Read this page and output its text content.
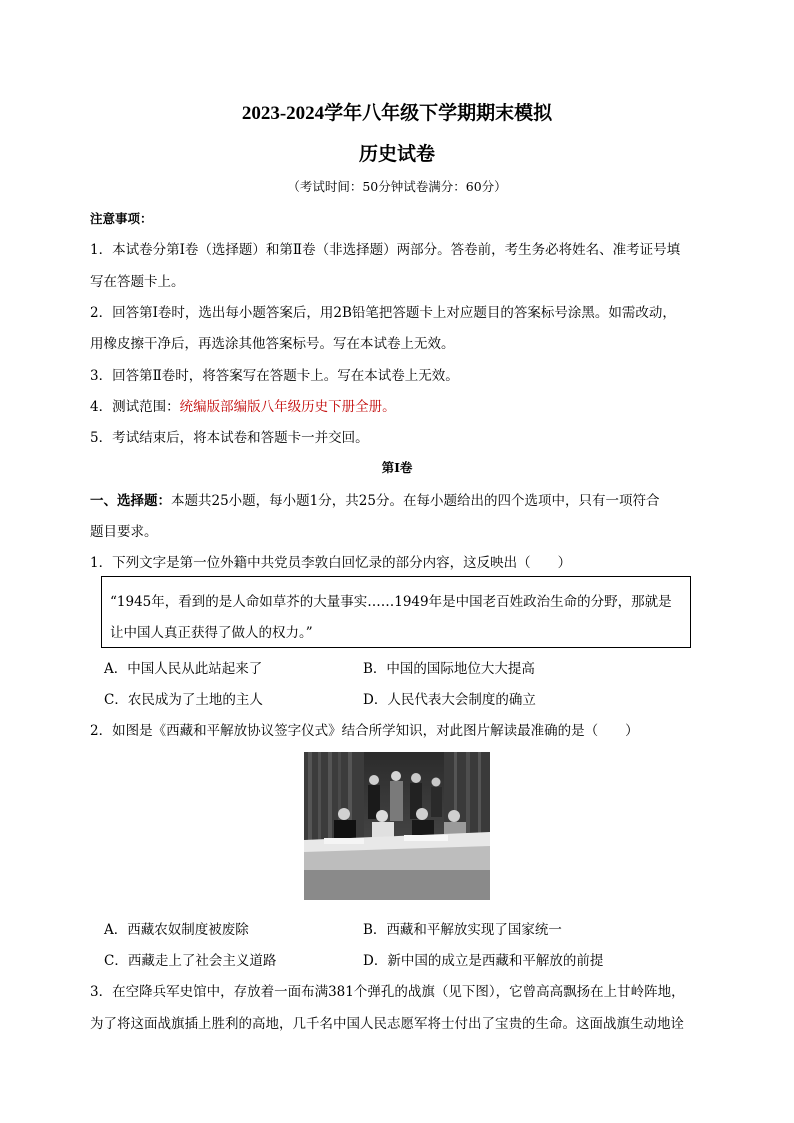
2023-2024学年八年级下学期期末模拟
历史试卷
（考试时间：50分钟试卷满分：60分）
注意事项：
1．本试卷分第Ⅰ卷（选择题）和第Ⅱ卷（非选择题）两部分。答卷前，考生务必将姓名、准考证号填
写在答题卡上。
2．回答第Ⅰ卷时，选出每小题答案后，用2B铅笔把答题卡上对应题目的答案标号涂黑。如需改动，
用橡皮擦干净后，再选涂其他答案标号。写在本试卷上无效。
3．回答第Ⅱ卷时，将答案写在答题卡上。写在本试卷上无效。
4．测试范围：统编版部编版八年级历史下册全册。
5．考试结束后，将本试卷和答题卡一并交回。
第Ⅰ卷
一、选择题：本题共25小题，每小题1分，共25分。在每小题给出的四个选项中，只有一项符合
题目要求。
1．下列文字是第一位外籍中共党员李敦白回忆录的部分内容，这反映出（　　）
“1945年，看到的是人命如草芥的大量事实……1949年是中国老百姓政治生命的分野，那就是
让中国人真正获得了做人的权力。”
A．中国人民从此站起来了	B．中国的国际地位大大提高
C．农民成为了土地的主人	D．人民代表大会制度的确立
2．如图是《西藏和平解放协议签字仪式》结合所学知识，对此图片解读最准确的是（　　）
A．西藏农奴制度被废除	B．西藏和平解放实现了国家统一
C．西藏走上了社会主义道路	D．新中国的成立是西藏和平解放的前提
3．在空降兵军史馆中，存放着一面布满381个弹孔的战旗（见下图），它曾高高飘扬在上甘岭阵地，
为了将这面战旗插上胜利的高地，几千名中国人民志愿军将士付出了宝贵的生命。这面战旗生动地诠
